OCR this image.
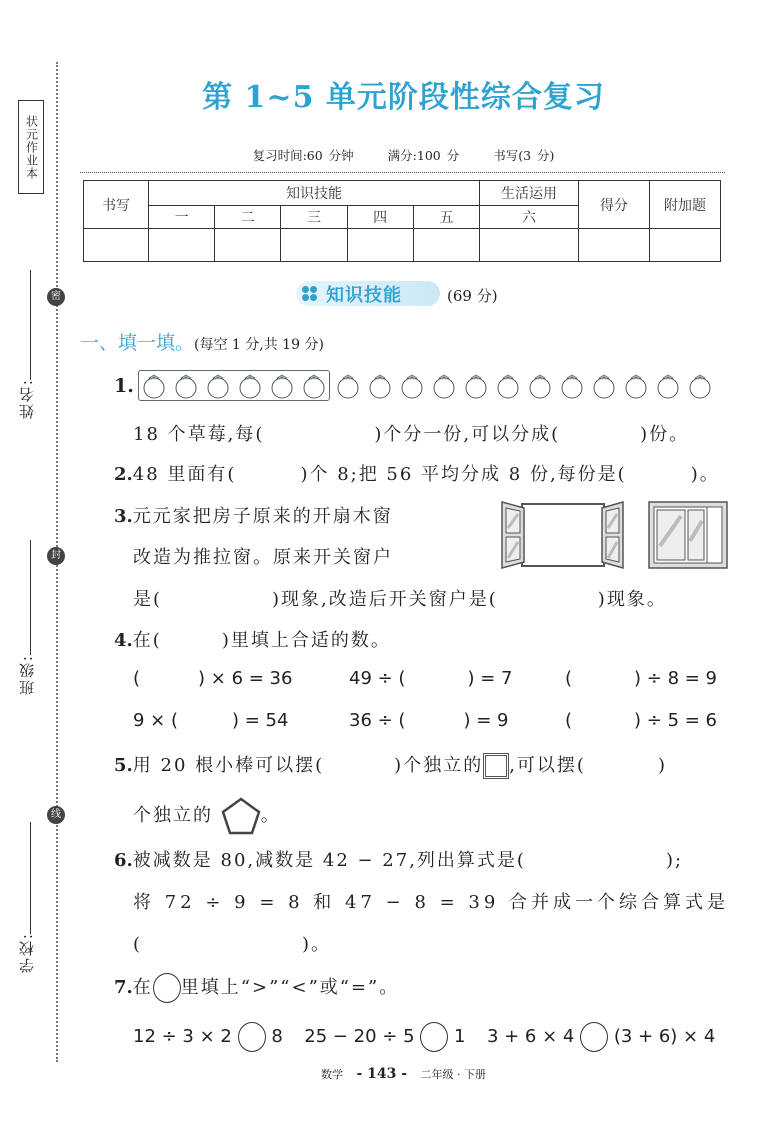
状元作业本
密
封
线
姓名:
班级:
学校:
第 1~5 单元阶段性综合复习
复习时间:60 分钟	满分:100 分	书写(3 分)
书写	知识技能					生活运用	得分	附加题
	一	二	三	四	五	六		

知识技能	(69 分)
一、填一填。(每空 1 分,共 19 分)
1.
18 个草莓,每(	)个分一份,可以分成(	)份。
2.48 里面有(	)个 8;把 56 平均分成 8 份,每份是(	)。
3.元元家把房子原来的开扇木窗
改造为推拉窗。原来开关窗户
是(	)现象,改造后开关窗户是(	)现象。
4.在(	)里填上合适的数。
(	) × 6 = 36	49 ÷ (	) = 7	(	) ÷ 8 = 9
9 × (	) = 54	36 ÷ (	) = 9	(	) ÷ 5 = 6
5.用 20 根小棒可以摆(	)个独立的 ,可以摆(	)
个独立的	。
6.被减数是 80,减数是 42 − 27,列出算式是(	);
将 72 ÷ 9 = 8 和 47 − 8 = 39 合并成一个综合算式是
(	)。
7.在 里填上“>”“<”或“=”。
12 ÷ 3 × 2 8 25 − 20 ÷ 5 1 3 + 6 × 4 (3 + 6) × 4
数学 - 143 - 二年级 · 下册
